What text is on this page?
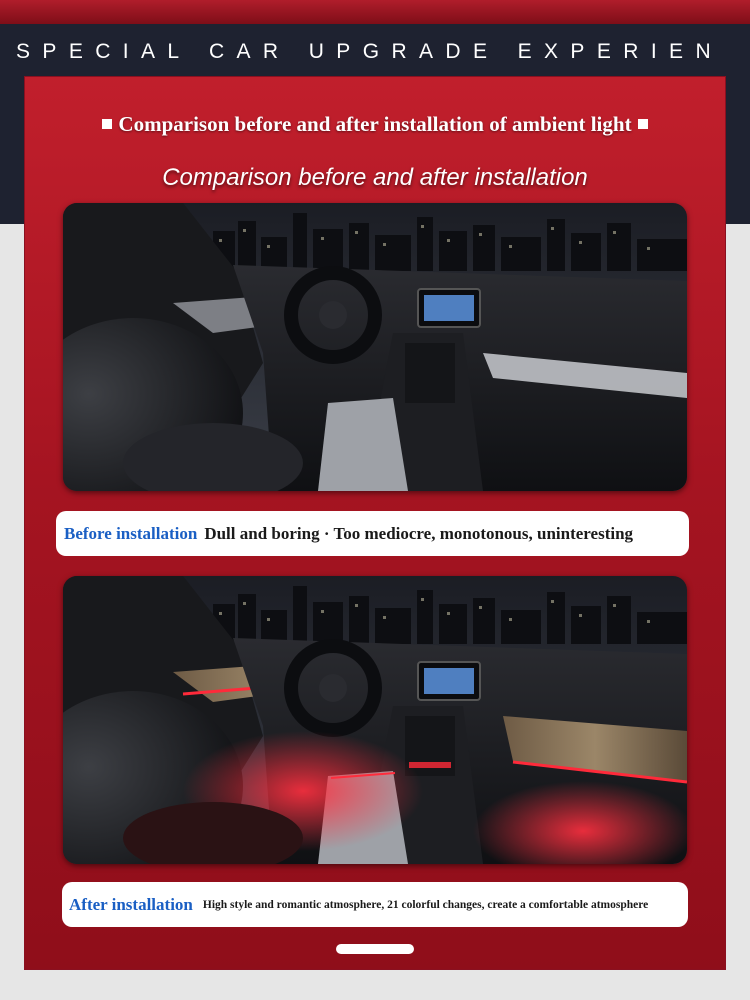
SPECIAL CAR UPGRADE EXPERIEN
Comparison before and after installation of ambient light
Comparison before and after installation
Before installation Dull and boring · Too mediocre, monotonous, uninteresting
After installation High style and romantic atmosphere, 21 colorful changes, create a comfortable atmosphere
